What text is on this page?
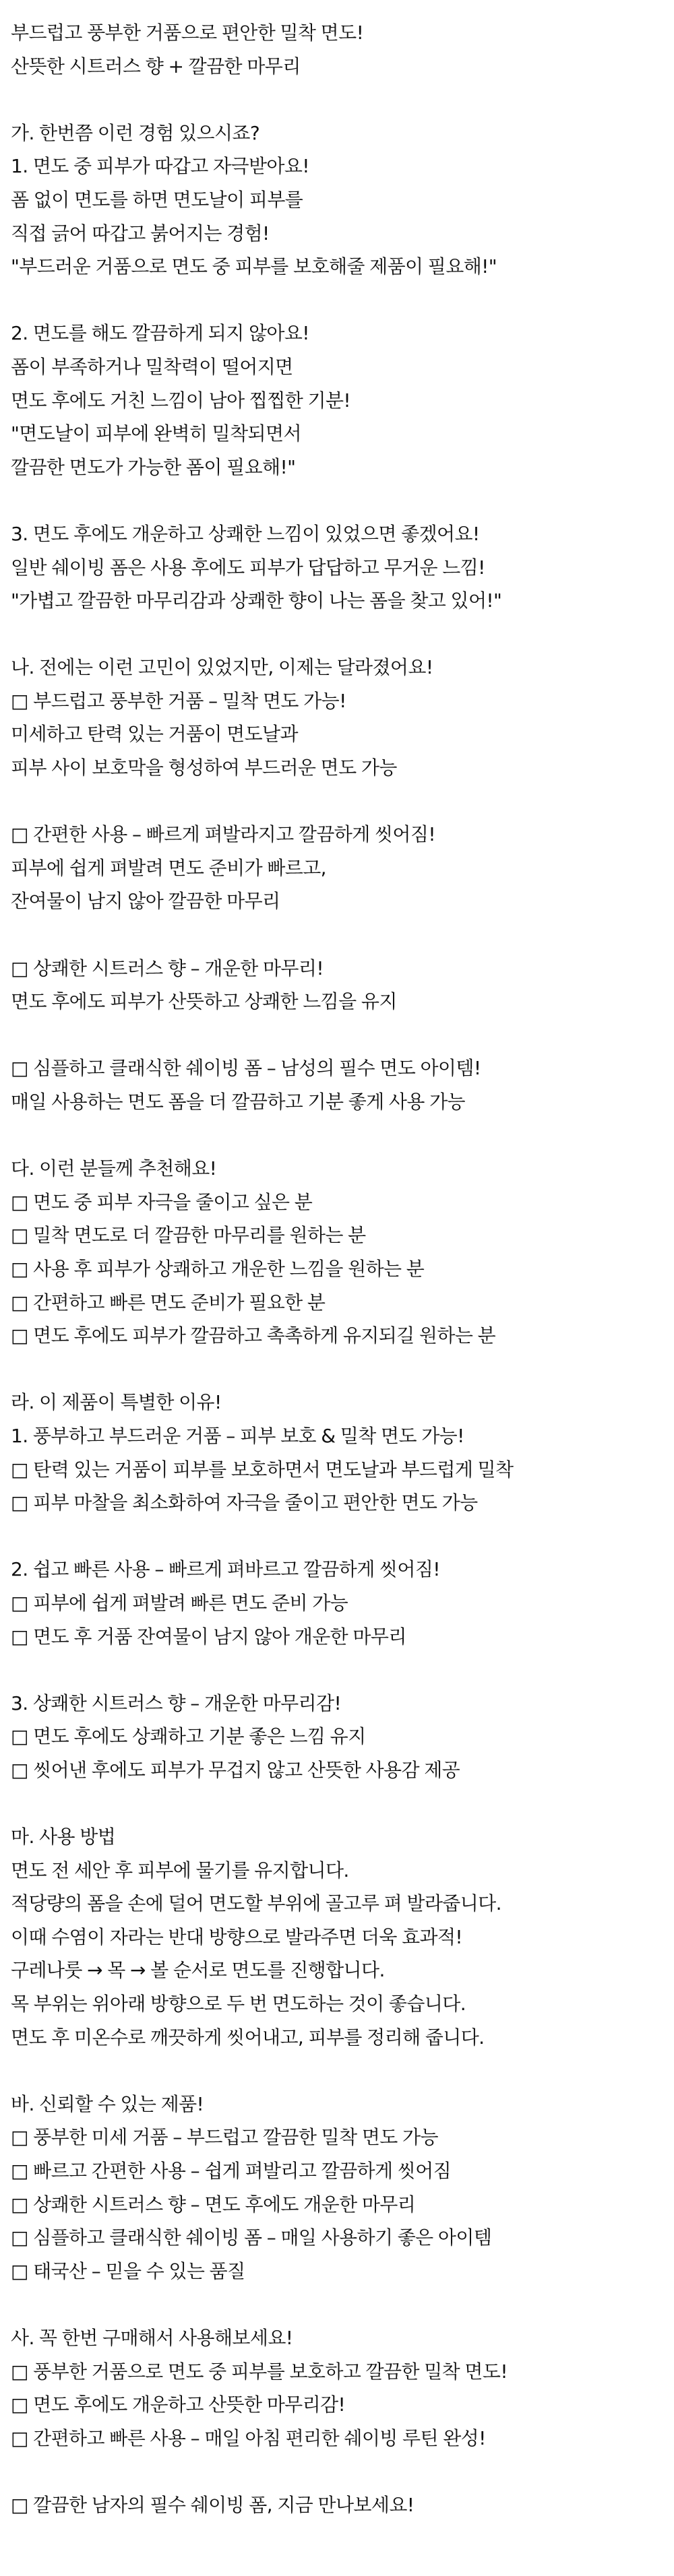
부드럽고 풍부한 거품으로 편안한 밀착 면도!
산뜻한 시트러스 향 + 깔끔한 마무리
가. 한번쯤 이런 경험 있으시죠?
1. 면도 중 피부가 따갑고 자극받아요!
폼 없이 면도를 하면 면도날이 피부를
직접 긁어 따갑고 붉어지는 경험!
"부드러운 거품으로 면도 중 피부를 보호해줄 제품이 필요해!"
2. 면도를 해도 깔끔하게 되지 않아요!
폼이 부족하거나 밀착력이 떨어지면
면도 후에도 거친 느낌이 남아 찝찝한 기분!
"면도날이 피부에 완벽히 밀착되면서
깔끔한 면도가 가능한 폼이 필요해!"
3. 면도 후에도 개운하고 상쾌한 느낌이 있었으면 좋겠어요!
일반 쉐이빙 폼은 사용 후에도 피부가 답답하고 무거운 느낌!
"가볍고 깔끔한 마무리감과 상쾌한 향이 나는 폼을 찾고 있어!"
나. 전에는 이런 고민이 있었지만, 이제는 달라졌어요!
□ 부드럽고 풍부한 거품 – 밀착 면도 가능!
미세하고 탄력 있는 거품이 면도날과
피부 사이 보호막을 형성하여 부드러운 면도 가능
□ 간편한 사용 – 빠르게 펴발라지고 깔끔하게 씻어짐!
피부에 쉽게 펴발려 면도 준비가 빠르고,
잔여물이 남지 않아 깔끔한 마무리
□ 상쾌한 시트러스 향 – 개운한 마무리!
면도 후에도 피부가 산뜻하고 상쾌한 느낌을 유지
□ 심플하고 클래식한 쉐이빙 폼 – 남성의 필수 면도 아이템!
매일 사용하는 면도 폼을 더 깔끔하고 기분 좋게 사용 가능
다. 이런 분들께 추천해요!
□ 면도 중 피부 자극을 줄이고 싶은 분
□ 밀착 면도로 더 깔끔한 마무리를 원하는 분
□ 사용 후 피부가 상쾌하고 개운한 느낌을 원하는 분
□ 간편하고 빠른 면도 준비가 필요한 분
□ 면도 후에도 피부가 깔끔하고 촉촉하게 유지되길 원하는 분
라. 이 제품이 특별한 이유!
1. 풍부하고 부드러운 거품 – 피부 보호 & 밀착 면도 가능!
□ 탄력 있는 거품이 피부를 보호하면서 면도날과 부드럽게 밀착
□ 피부 마찰을 최소화하여 자극을 줄이고 편안한 면도 가능
2. 쉽고 빠른 사용 – 빠르게 펴바르고 깔끔하게 씻어짐!
□ 피부에 쉽게 펴발려 빠른 면도 준비 가능
□ 면도 후 거품 잔여물이 남지 않아 개운한 마무리
3. 상쾌한 시트러스 향 – 개운한 마무리감!
□ 면도 후에도 상쾌하고 기분 좋은 느낌 유지
□ 씻어낸 후에도 피부가 무겁지 않고 산뜻한 사용감 제공
마. 사용 방법
면도 전 세안 후 피부에 물기를 유지합니다.
적당량의 폼을 손에 덜어 면도할 부위에 골고루 펴 발라줍니다.
이때 수염이 자라는 반대 방향으로 발라주면 더욱 효과적!
구레나룻 → 목 → 볼 순서로 면도를 진행합니다.
목 부위는 위아래 방향으로 두 번 면도하는 것이 좋습니다.
면도 후 미온수로 깨끗하게 씻어내고, 피부를 정리해 줍니다.
바. 신뢰할 수 있는 제품!
□ 풍부한 미세 거품 – 부드럽고 깔끔한 밀착 면도 가능
□ 빠르고 간편한 사용 – 쉽게 펴발리고 깔끔하게 씻어짐
□ 상쾌한 시트러스 향 – 면도 후에도 개운한 마무리
□ 심플하고 클래식한 쉐이빙 폼 – 매일 사용하기 좋은 아이템
□ 태국산 – 믿을 수 있는 품질
사. 꼭 한번 구매해서 사용해보세요!
□ 풍부한 거품으로 면도 중 피부를 보호하고 깔끔한 밀착 면도!
□ 면도 후에도 개운하고 산뜻한 마무리감!
□ 간편하고 빠른 사용 – 매일 아침 편리한 쉐이빙 루틴 완성!
□ 깔끔한 남자의 필수 쉐이빙 폼, 지금 만나보세요!
